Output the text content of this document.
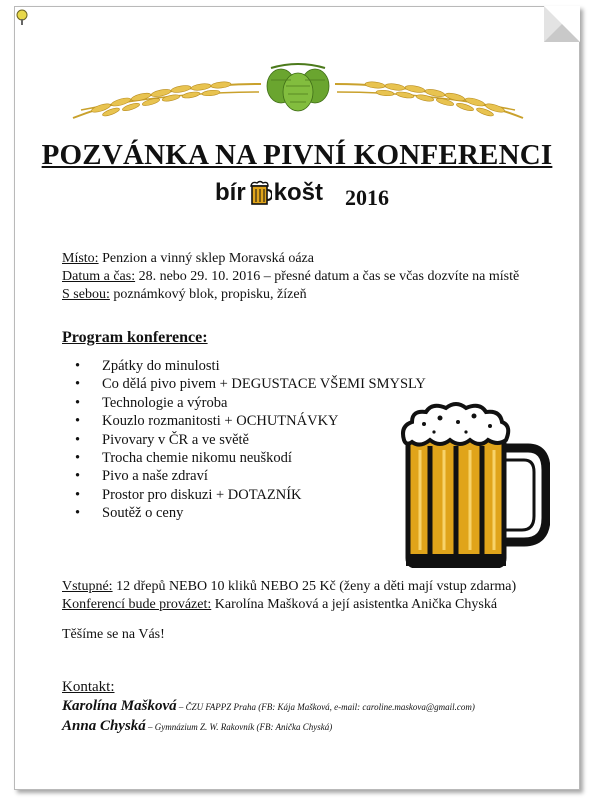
POZVÁNKA NA PIVNÍ KONFERENCI
bír košt 2016
Místo: Penzion a vinný sklep Moravská oáza
Datum a čas: 28. nebo 29. 10. 2016 – přesné datum a čas se včas dozvíte na místě
S sebou: poznámkový blok, propisku, žízeň
Program konference:
• Zpátky do minulosti
• Co dělá pivo pivem + DEGUSTACE VŠEMI SMYSLY
• Technologie a výroba
• Kouzlo rozmanitosti + OCHUTNÁVKY
• Pivovary v ČR a ve světě
• Trocha chemie nikomu neuškodí
• Pivo a naše zdraví
• Prostor pro diskuzi + DOTAZNÍK
• Soutěž o ceny
Vstupné: 12 dřepů NEBO 10 kliků NEBO 25 Kč (ženy a děti mají vstup zdarma)
Konferencí bude provázet: Karolína Mašková a její asistentka Anička Chyská
Těšíme se na Vás!
Kontakt:
Karolína Mašková – ČZU FAPPZ Praha (FB: Kája Mašková, e-mail: caroline.maskova@gmail.com)
Anna Chyská – Gymnázium Z. W. Rakovník (FB: Anička Chyská)
